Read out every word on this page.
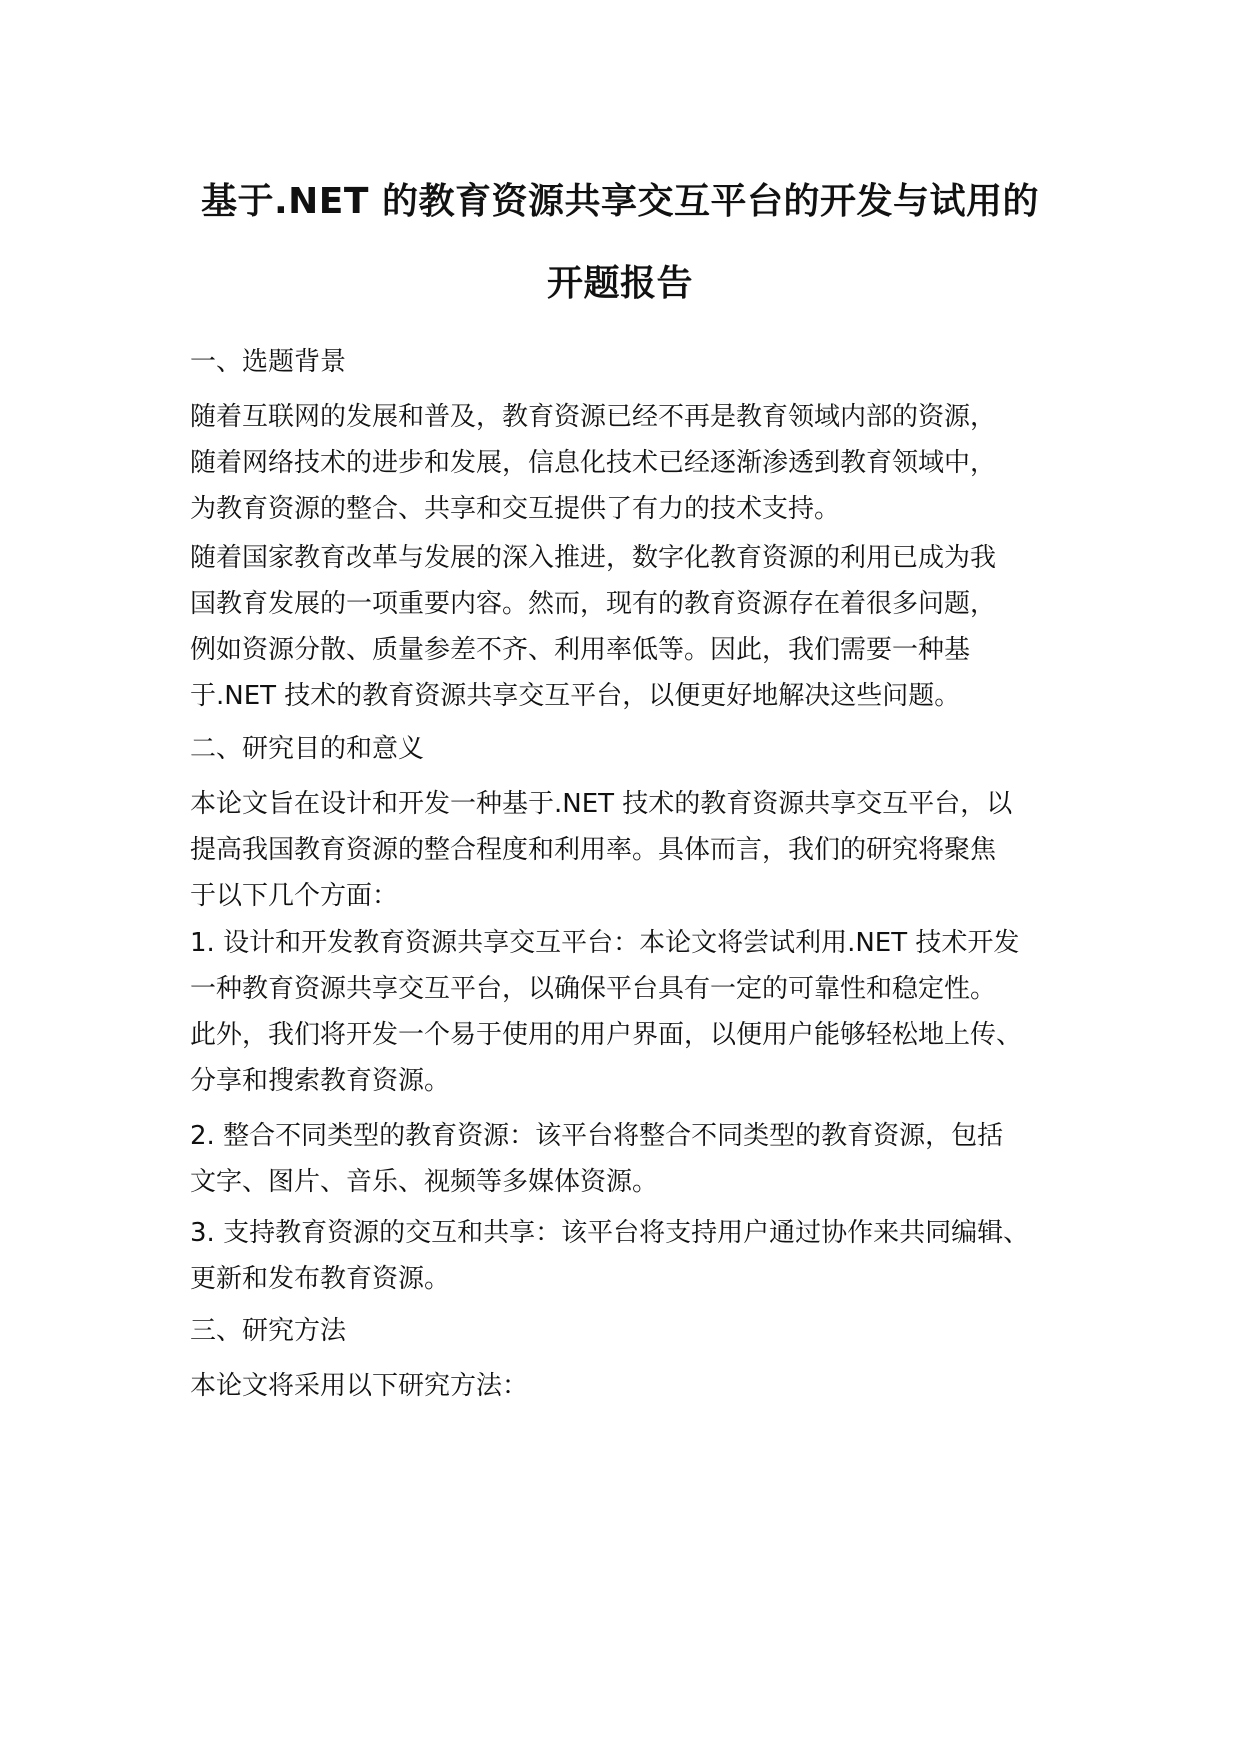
基于.NET 的教育资源共享交互平台的开发与试用的
开题报告

一、选题背景

随着互联网的发展和普及，教育资源已经不再是教育领域内部的资源，
随着网络技术的进步和发展，信息化技术已经逐渐渗透到教育领域中，
为教育资源的整合、共享和交互提供了有力的技术支持。

随着国家教育改革与发展的深入推进，数字化教育资源的利用已成为我
国教育发展的一项重要内容。然而，现有的教育资源存在着很多问题，
例如资源分散、质量参差不齐、利用率低等。因此，我们需要一种基
于.NET 技术的教育资源共享交互平台，以便更好地解决这些问题。

二、研究目的和意义

本论文旨在设计和开发一种基于.NET 技术的教育资源共享交互平台，以
提高我国教育资源的整合程度和利用率。具体而言，我们的研究将聚焦
于以下几个方面：

1. 设计和开发教育资源共享交互平台：本论文将尝试利用.NET 技术开发
一种教育资源共享交互平台，以确保平台具有一定的可靠性和稳定性。
此外，我们将开发一个易于使用的用户界面，以便用户能够轻松地上传、
分享和搜索教育资源。

2. 整合不同类型的教育资源：该平台将整合不同类型的教育资源，包括
文字、图片、音乐、视频等多媒体资源。

3. 支持教育资源的交互和共享：该平台将支持用户通过协作来共同编辑、
更新和发布教育资源。

三、研究方法

本论文将采用以下研究方法：
